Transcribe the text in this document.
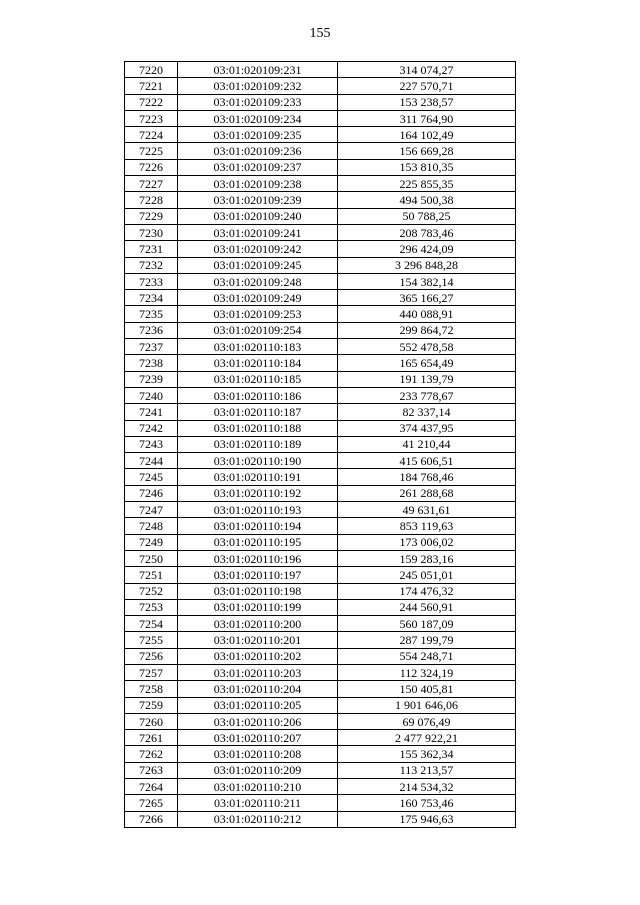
155
7220	03:01:020109:231	314 074,27
7221	03:01:020109:232	227 570,71
7222	03:01:020109:233	153 238,57
7223	03:01:020109:234	311 764,90
7224	03:01:020109:235	164 102,49
7225	03:01:020109:236	156 669,28
7226	03:01:020109:237	153 810,35
7227	03:01:020109:238	225 855,35
7228	03:01:020109:239	494 500,38
7229	03:01:020109:240	50 788,25
7230	03:01:020109:241	208 783,46
7231	03:01:020109:242	296 424,09
7232	03:01:020109:245	3 296 848,28
7233	03:01:020109:248	154 382,14
7234	03:01:020109:249	365 166,27
7235	03:01:020109:253	440 088,91
7236	03:01:020109:254	299 864,72
7237	03:01:020110:183	552 478,58
7238	03:01:020110:184	165 654,49
7239	03:01:020110:185	191 139,79
7240	03:01:020110:186	233 778,67
7241	03:01:020110:187	82 337,14
7242	03:01:020110:188	374 437,95
7243	03:01:020110:189	41 210,44
7244	03:01:020110:190	415 606,51
7245	03:01:020110:191	184 768,46
7246	03:01:020110:192	261 288,68
7247	03:01:020110:193	49 631,61
7248	03:01:020110:194	853 119,63
7249	03:01:020110:195	173 006,02
7250	03:01:020110:196	159 283,16
7251	03:01:020110:197	245 051,01
7252	03:01:020110:198	174 476,32
7253	03:01:020110:199	244 560,91
7254	03:01:020110:200	560 187,09
7255	03:01:020110:201	287 199,79
7256	03:01:020110:202	554 248,71
7257	03:01:020110:203	112 324,19
7258	03:01:020110:204	150 405,81
7259	03:01:020110:205	1 901 646,06
7260	03:01:020110:206	69 076,49
7261	03:01:020110:207	2 477 922,21
7262	03:01:020110:208	155 362,34
7263	03:01:020110:209	113 213,57
7264	03:01:020110:210	214 534,32
7265	03:01:020110:211	160 753,46
7266	03:01:020110:212	175 946,63
